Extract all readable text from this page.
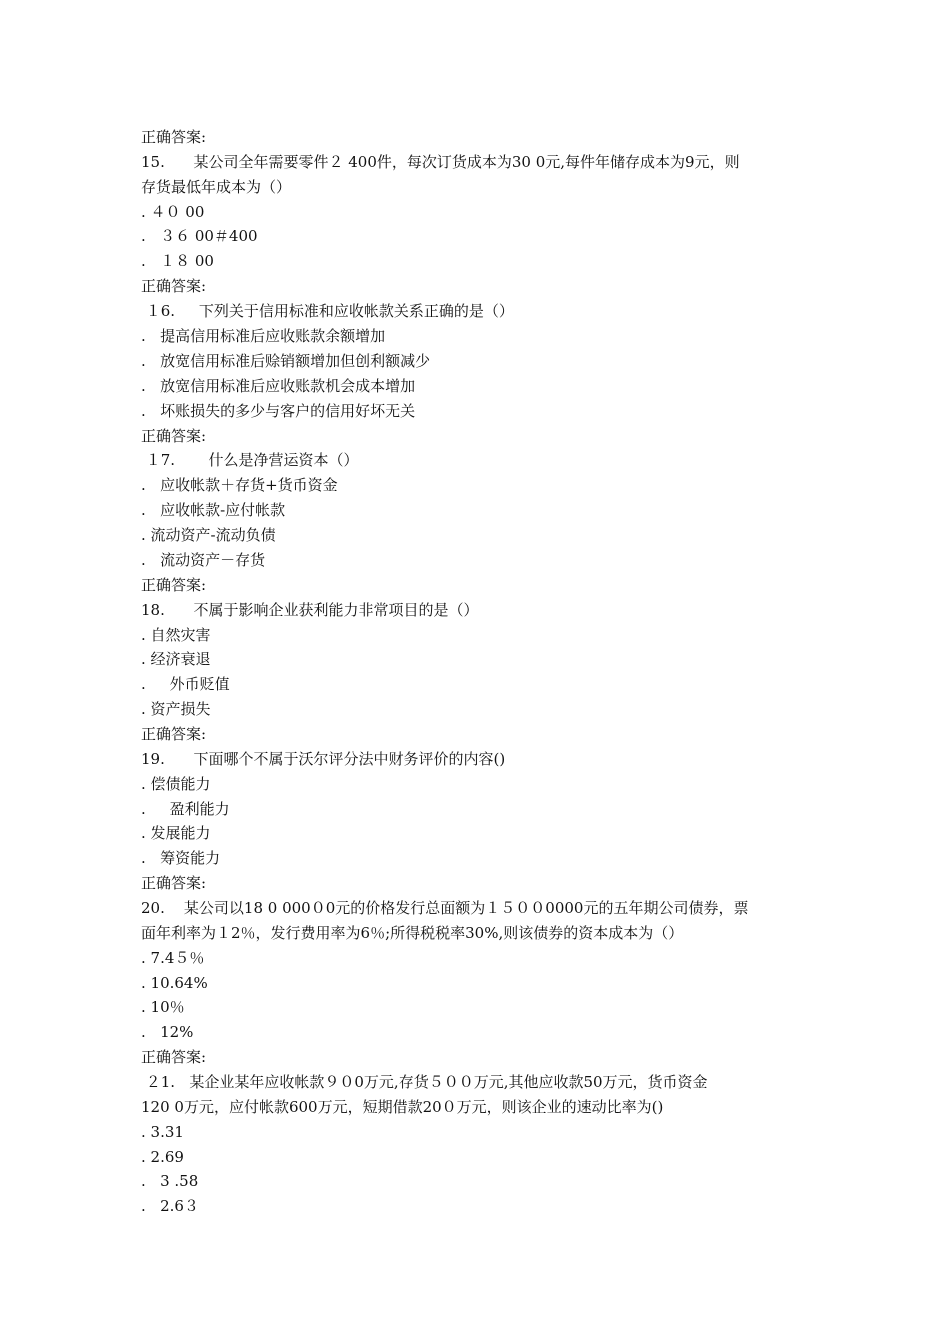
正确答案:
15.      某公司全年需要零件２ 400件，每次订货成本为30 0元,每件年储存成本为9元，则
存货最低年成本为（）
. ４０ 00
.   ３６ 00＃400
.   １８ 00
正确答案:
１6.     下列关于信用标准和应收帐款关系正确的是（）
.   提高信用标准后应收账款余额增加
.   放宽信用标准后赊销额增加但创利额减少
.   放宽信用标准后应收账款机会成本增加
.   坏账损失的多少与客户的信用好坏无关
正确答案:
１7.       什么是净营运资本（）
.   应收帐款＋存货+货币资金
.   应收帐款-应付帐款
. 流动资产-流动负债
.   流动资产－存货
正确答案:
18.      不属于影响企业获利能力非常项目的是（）
. 自然灾害
. 经济衰退
.     外币贬值
. 资产损失
正确答案:
19.      下面哪个不属于沃尔评分法中财务评价的内容()
. 偿债能力
.     盈利能力
. 发展能力
.   筹资能力
正确答案:
20.    某公司以18 0 000０0元的价格发行总面额为１５００0000元的五年期公司债券，票
面年利率为１2％，发行费用率为6％;所得税税率30%,则该债券的资本成本为（）
. 7.4５％
. 10.64%
. 10％
.   12%
正确答案:
２1.   某企业某年应收帐款９０0万元,存货５００万元,其他应收款50万元，货币资金
120 0万元，应付帐款600万元，短期借款20０万元，则该企业的速动比率为()
. 3.31
. 2.69
.   3 .58
.   2.6３
